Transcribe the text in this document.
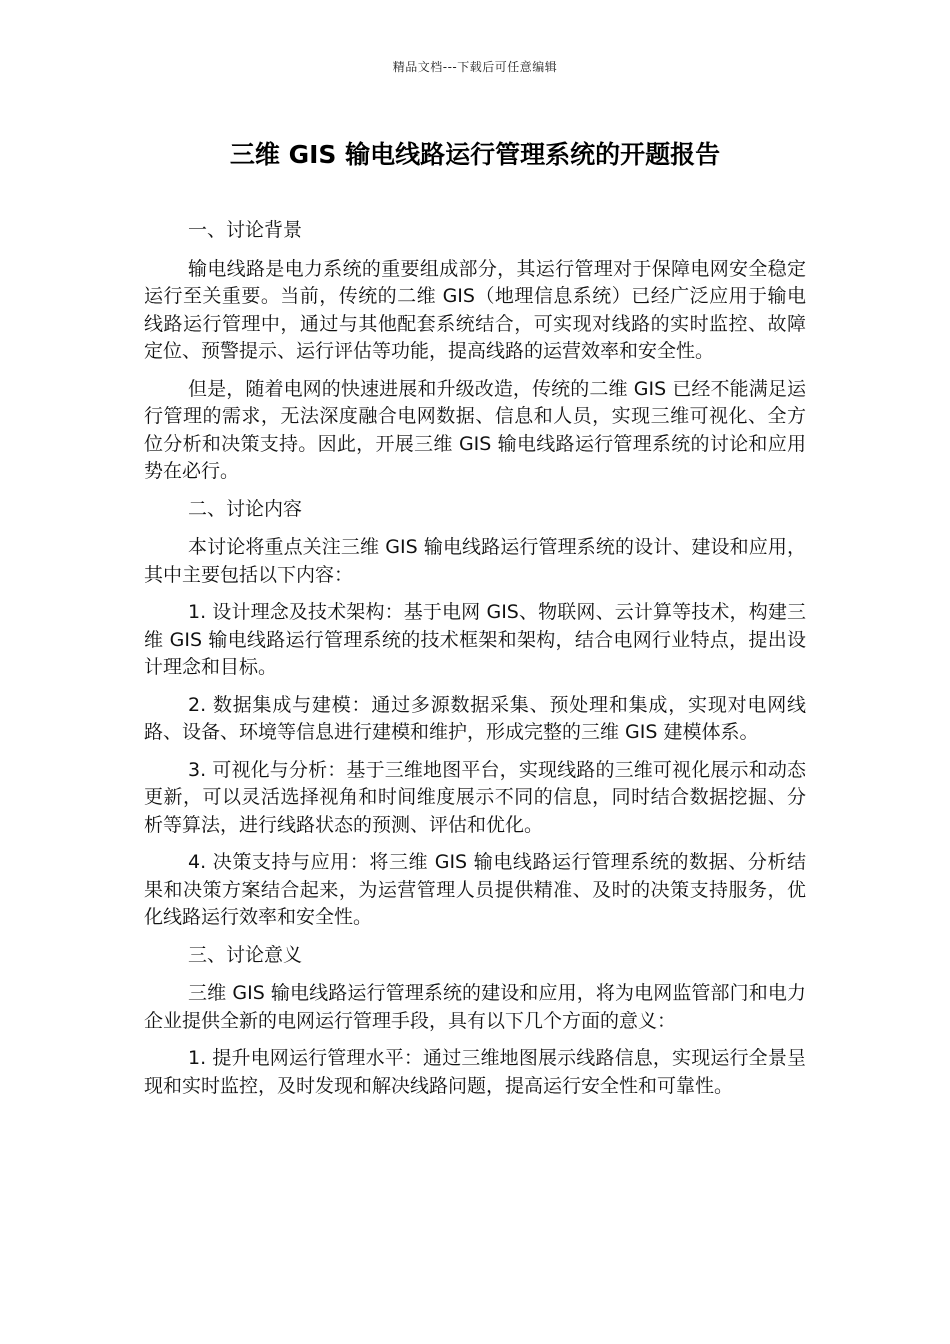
精品文档---下载后可任意编辑
三维 GIS 输电线路运行管理系统的开题报告

一、讨论背景

输电线路是电力系统的重要组成部分，其运行管理对于保障电网安全稳定运行至关重要。当前，传统的二维 GIS（地理信息系统）已经广泛应用于输电线路运行管理中，通过与其他配套系统结合，可实现对线路的实时监控、故障定位、预警提示、运行评估等功能，提高线路的运营效率和安全性。

但是，随着电网的快速进展和升级改造，传统的二维 GIS 已经不能满足运行管理的需求，无法深度融合电网数据、信息和人员，实现三维可视化、全方位分析和决策支持。因此，开展三维 GIS 输电线路运行管理系统的讨论和应用势在必行。

二、讨论内容

本讨论将重点关注三维 GIS 输电线路运行管理系统的设计、建设和应用，其中主要包括以下内容：

1. 设计理念及技术架构：基于电网 GIS、物联网、云计算等技术，构建三维 GIS 输电线路运行管理系统的技术框架和架构，结合电网行业特点，提出设计理念和目标。

2. 数据集成与建模：通过多源数据采集、预处理和集成，实现对电网线路、设备、环境等信息进行建模和维护，形成完整的三维 GIS 建模体系。

3. 可视化与分析：基于三维地图平台，实现线路的三维可视化展示和动态更新，可以灵活选择视角和时间维度展示不同的信息，同时结合数据挖掘、分析等算法，进行线路状态的预测、评估和优化。

4. 决策支持与应用：将三维 GIS 输电线路运行管理系统的数据、分析结果和决策方案结合起来，为运营管理人员提供精准、及时的决策支持服务，优化线路运行效率和安全性。

三、讨论意义

三维 GIS 输电线路运行管理系统的建设和应用，将为电网监管部门和电力企业提供全新的电网运行管理手段，具有以下几个方面的意义：

1. 提升电网运行管理水平：通过三维地图展示线路信息，实现运行全景呈现和实时监控，及时发现和解决线路问题，提高运行安全性和可靠性。
